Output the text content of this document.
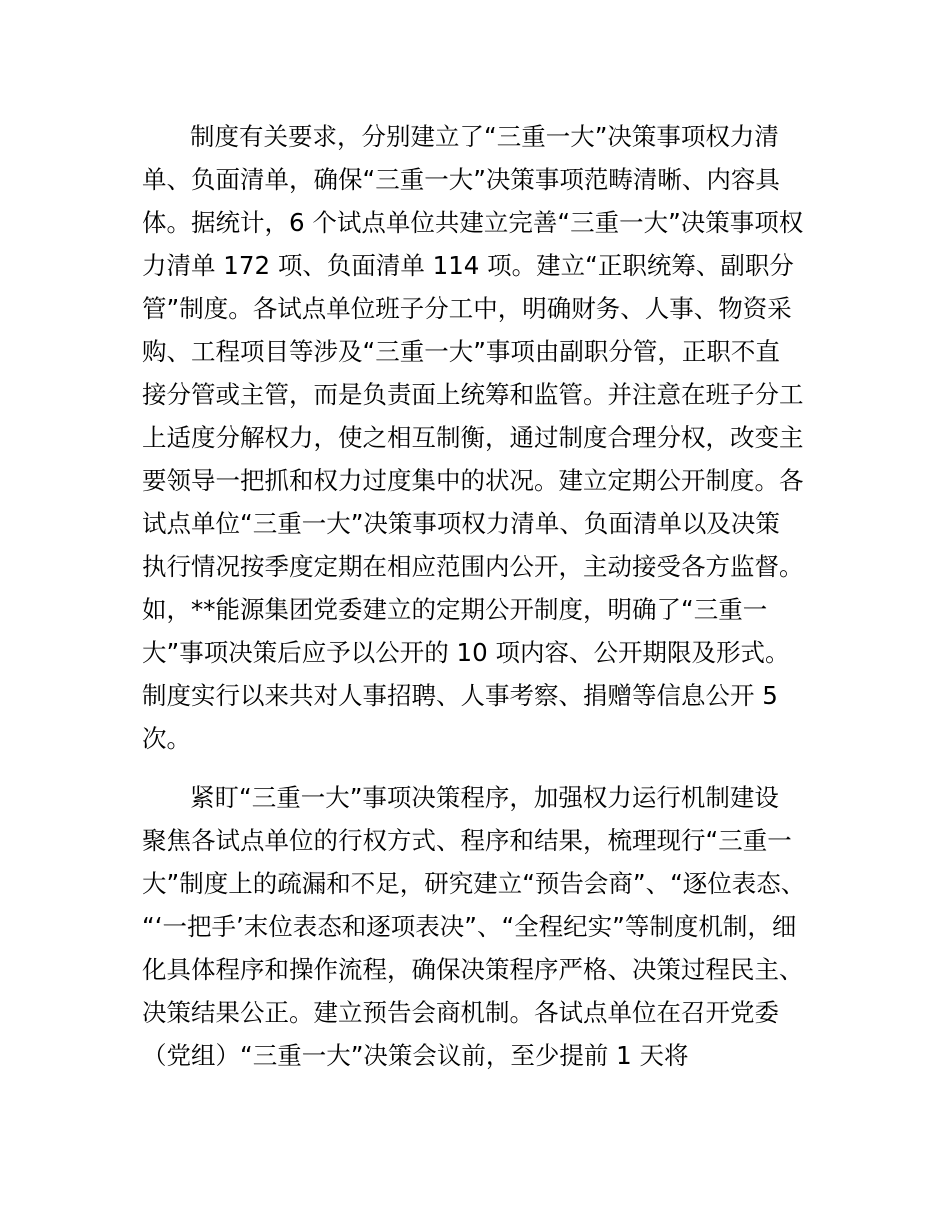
制度有关要求，分别建立了“三重一大”决策事项权力清
单、负面清单，确保“三重一大”决策事项范畴清晰、内容具
体。据统计，6 个试点单位共建立完善“三重一大”决策事项权
力清单 172 项、负面清单 114 项。建立“正职统筹、副职分
管”制度。各试点单位班子分工中，明确财务、人事、物资采
购、工程项目等涉及“三重一大”事项由副职分管，正职不直
接分管或主管，而是负责面上统筹和监管。并注意在班子分工
上适度分解权力，使之相互制衡，通过制度合理分权，改变主
要领导一把抓和权力过度集中的状况。建立定期公开制度。各
试点单位“三重一大”决策事项权力清单、负面清单以及决策
执行情况按季度定期在相应范围内公开，主动接受各方监督。
如，**能源集团党委建立的定期公开制度，明确了“三重一
大”事项决策后应予以公开的 10 项内容、公开期限及形式。
制度实行以来共对人事招聘、人事考察、捐赠等信息公开 5
次。
紧盯“三重一大”事项决策程序，加强权力运行机制建设
聚焦各试点单位的行权方式、程序和结果，梳理现行“三重一
大”制度上的疏漏和不足，研究建立“预告会商”、“逐位表态、
“‘一把手’末位表态和逐项表决”、“全程纪实”等制度机制，细
化具体程序和操作流程，确保决策程序严格、决策过程民主、
决策结果公正。建立预告会商机制。各试点单位在召开党委
（党组）“三重一大”决策会议前，至少提前 1 天将
